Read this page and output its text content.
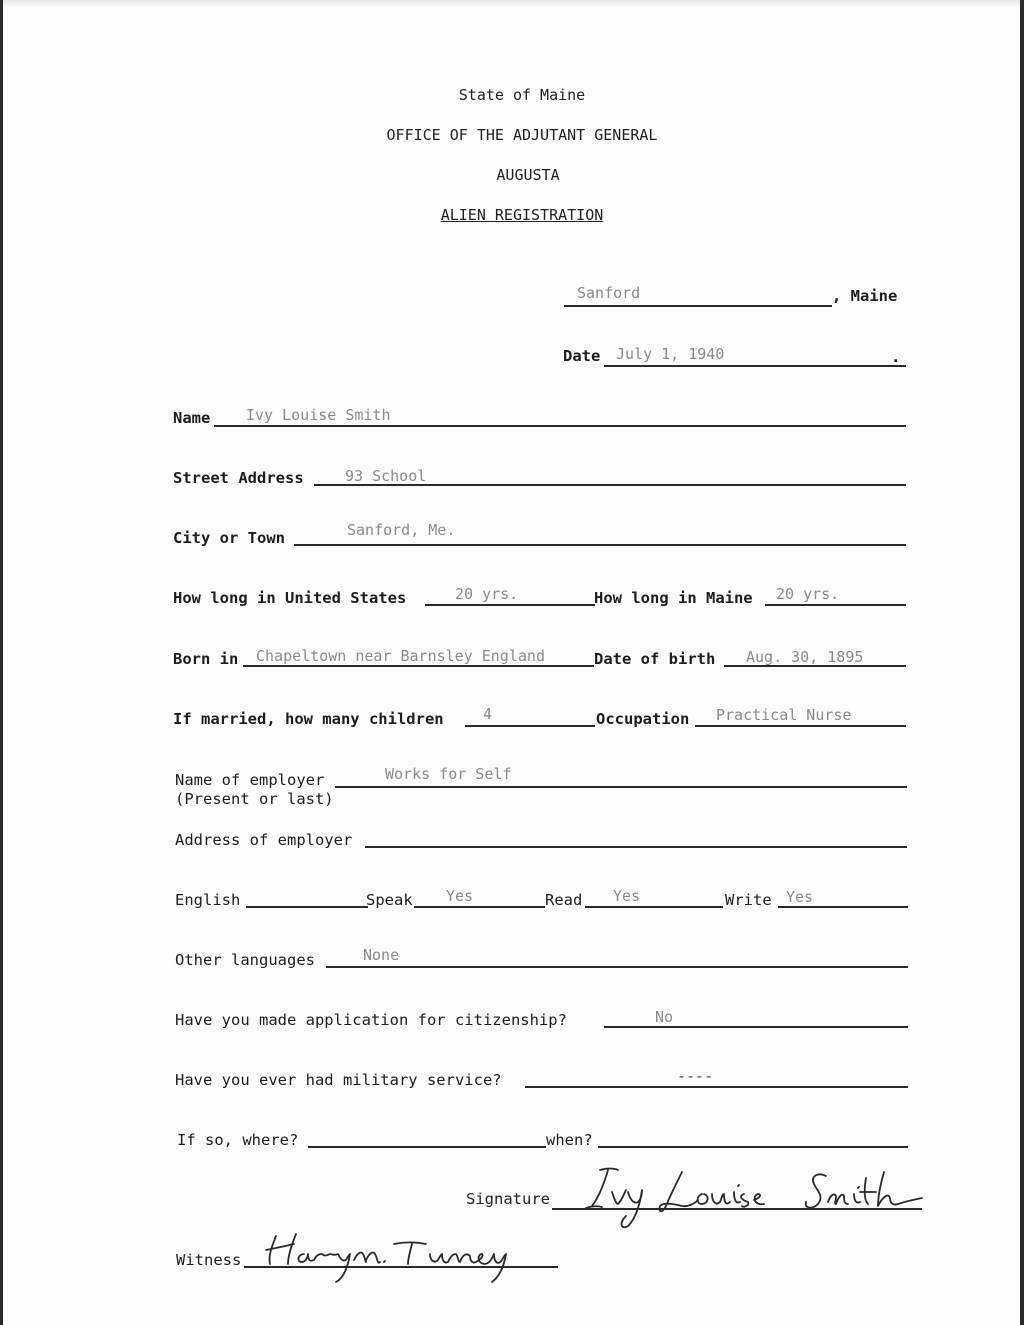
State of Maine
OFFICE OF THE ADJUTANT GENERAL
AUGUSTA
ALIEN REGISTRATION
Sanford	, Maine
Date July 1, 1940	.
Name Ivy Louise Smith
Street Address	93 School
City or Town	Sanford, Me.
How long in United States	20 yrs.	How long in Maine 20 yrs.
Born in Chapeltown near Barnsley England	Date of birth Aug. 30, 1895
If married, how many children	4	Occupation Practical Nurse
Name of employer
(Present or last)
Works for Self
Address of employer
English	Speak Yes	Read Yes	Write Yes
Other languages	None
Have you made application for citizenship?	No
Have you ever had military service?	----
If so, where?	when?
Signature
Witness
